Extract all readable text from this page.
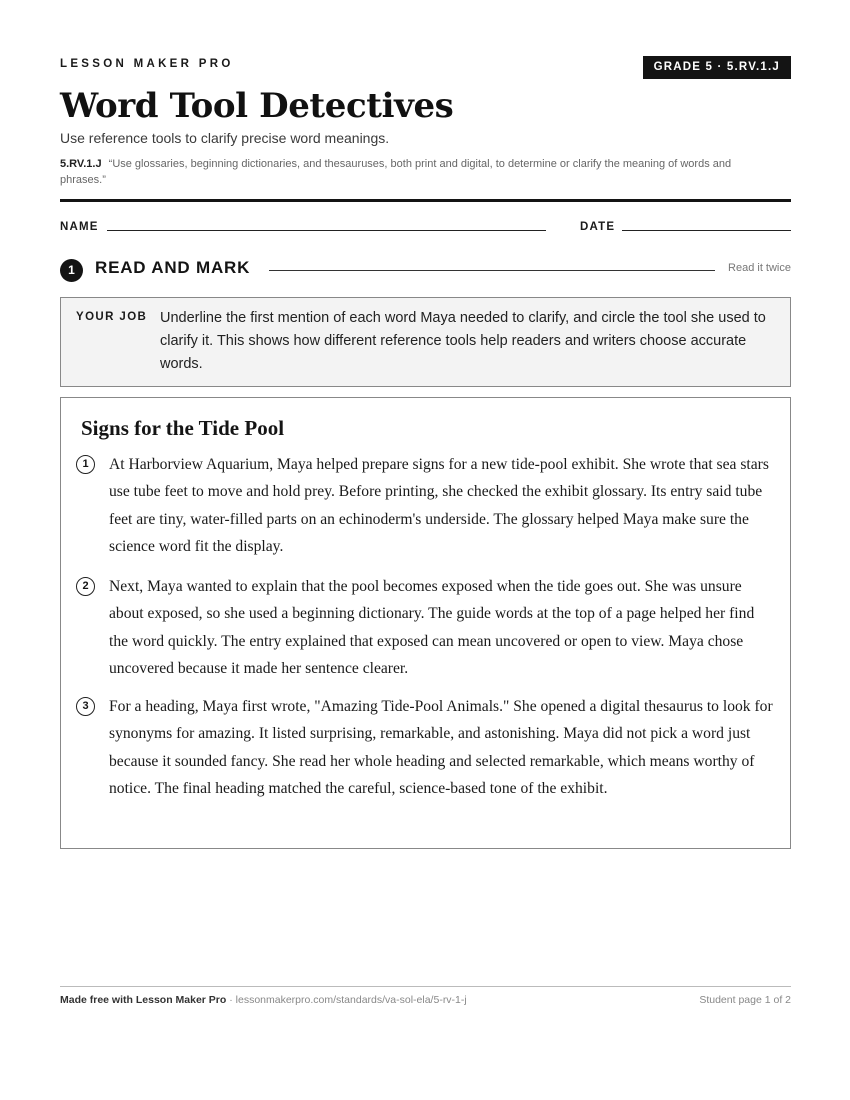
LESSON MAKER PRO	GRADE 5 · 5.RV.1.J
Word Tool Detectives
Use reference tools to clarify precise word meanings.
5.RV.1.J “Use glossaries, beginning dictionaries, and thesauruses, both print and digital, to determine or clarify the meaning of words and phrases.”
NAME	DATE
1	READ AND MARK	Read it twice
YOUR JOB Underline the first mention of each word Maya needed to clarify, and circle the tool she used to clarify it. This shows how different reference tools help readers and writers choose accurate words.
Signs for the Tide Pool
1	At Harborview Aquarium, Maya helped prepare signs for a new tide-pool exhibit. She wrote that sea stars use tube feet to move and hold prey. Before printing, she checked the exhibit glossary. Its entry said tube feet are tiny, water-filled parts on an echinoderm's underside. The glossary helped Maya make sure the science word fit the display.
2	Next, Maya wanted to explain that the pool becomes exposed when the tide goes out. She was unsure about exposed, so she used a beginning dictionary. The guide words at the top of a page helped her find the word quickly. The entry explained that exposed can mean uncovered or open to view. Maya chose uncovered because it made her sentence clearer.
3	For a heading, Maya first wrote, "Amazing Tide-Pool Animals." She opened a digital thesaurus to look for synonyms for amazing. It listed surprising, remarkable, and astonishing. Maya did not pick a word just because it sounded fancy. She read her whole heading and selected remarkable, which means worthy of notice. The final heading matched the careful, science-based tone of the exhibit.
Made free with Lesson Maker Pro · lessonmakerpro.com/standards/va-sol-ela/5-rv-1-j	Student page 1 of 2
